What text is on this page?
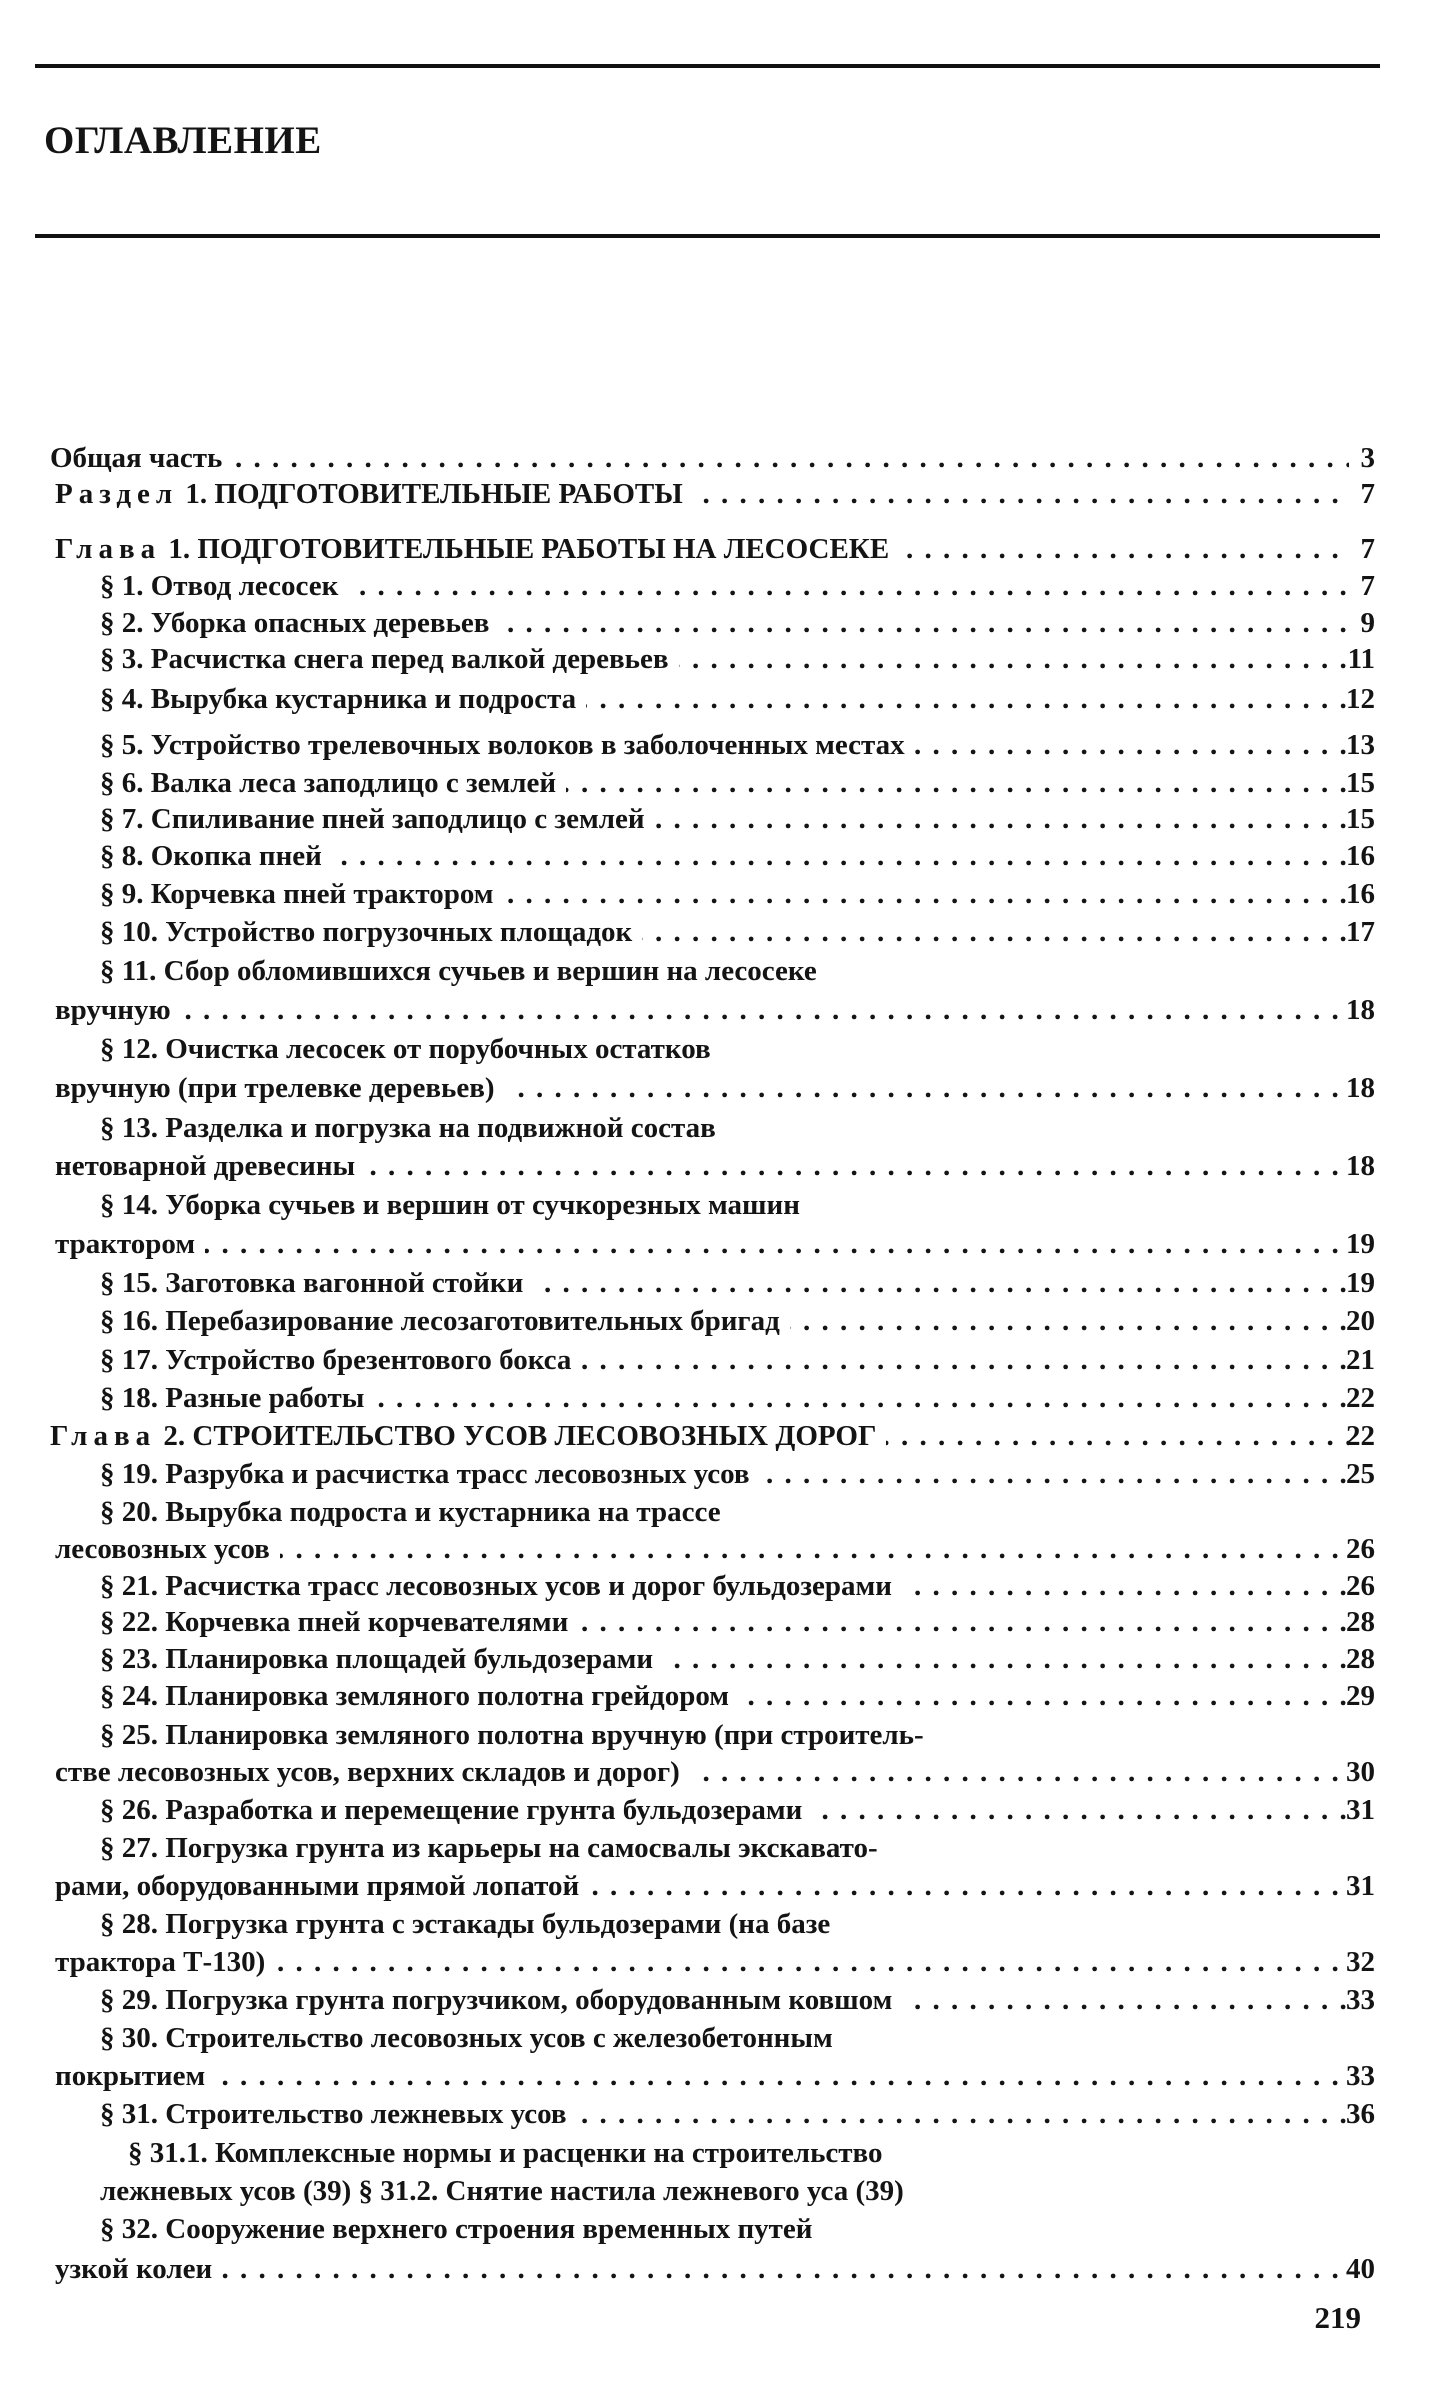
ОГЛАВЛЕНИЕ
Общая часть . . .	3
Раздел 1. ПОДГОТОВИТЕЛЬНЫЕ РАБОТЫ . . .	7
Глава 1. ПОДГОТОВИТЕЛЬНЫЕ РАБОТЫ НА ЛЕСОСЕКЕ . . .	7
§ 1. Отвод лесосек . . .	7
§ 2. Уборка опасных деревьев . . .	9
§ 3. Расчистка снега перед валкой деревьев . . .	11
§ 4. Вырубка кустарника и подроста . . .	12
§ 5. Устройство трелевочных волоков в заболоченных местах . . .	13
§ 6. Валка леса заподлицо с землей . . .	15
§ 7. Спиливание пней заподлицо с землей . . .	15
§ 8. Окопка пней . . .	16
§ 9. Корчевка пней трактором . . .	16
§ 10. Устройство погрузочных площадок . . .	17
§ 11. Сбор обломившихся сучьев и вершин на лесосеке
вручную . . .	18
§ 12. Очистка лесосек от порубочных остатков
вручную (при трелевке деревьев) . . .	18
§ 13. Разделка и погрузка на подвижной состав
нетоварной древесины . . .	18
§ 14. Уборка сучьев и вершин от сучкорезных машин
трактором . . .	19
§ 15. Заготовка вагонной стойки . . .	19
§ 16. Перебазирование лесозаготовительных бригад . . .	20
§ 17. Устройство брезентового бокса . . .	21
§ 18. Разные работы . . .	22
Глава 2. СТРОИТЕЛЬСТВО УСОВ ЛЕСОВОЗНЫХ ДОРОГ . . .	22
§ 19. Разрубка и расчистка трасс лесовозных усов . . .	25
§ 20. Вырубка подроста и кустарника на трассе
лесовозных усов . . .	26
§ 21. Расчистка трасс лесовозных усов и дорог бульдозерами . . .	26
§ 22. Корчевка пней корчевателями . . .	28
§ 23. Планировка площадей бульдозерами . . .	28
§ 24. Планировка земляного полотна грейдором . . .	29
§ 25. Планировка земляного полотна вручную (при строитель-
стве лесовозных усов, верхних складов и дорог) . . .	30
§ 26. Разработка и перемещение грунта бульдозерами . . .	31
§ 27. Погрузка грунта из карьеры на самосвалы экскавато-
рами, оборудованными прямой лопатой . . .	31
§ 28. Погрузка грунта с эстакады бульдозерами (на базе
трактора Т-130) . . .	32
§ 29. Погрузка грунта погрузчиком, оборудованным ковшом . . .	33
§ 30. Строительство лесовозных усов с железобетонным
покрытием . . .	33
§ 31. Строительство лежневых усов . . .	36
§ 31.1. Комплексные нормы и расценки на строительство
лежневых усов (39) § 31.2. Снятие настила лежневого уса (39)
§ 32. Сооружение верхнего строения временных путей
узкой колеи . . .	40
219
